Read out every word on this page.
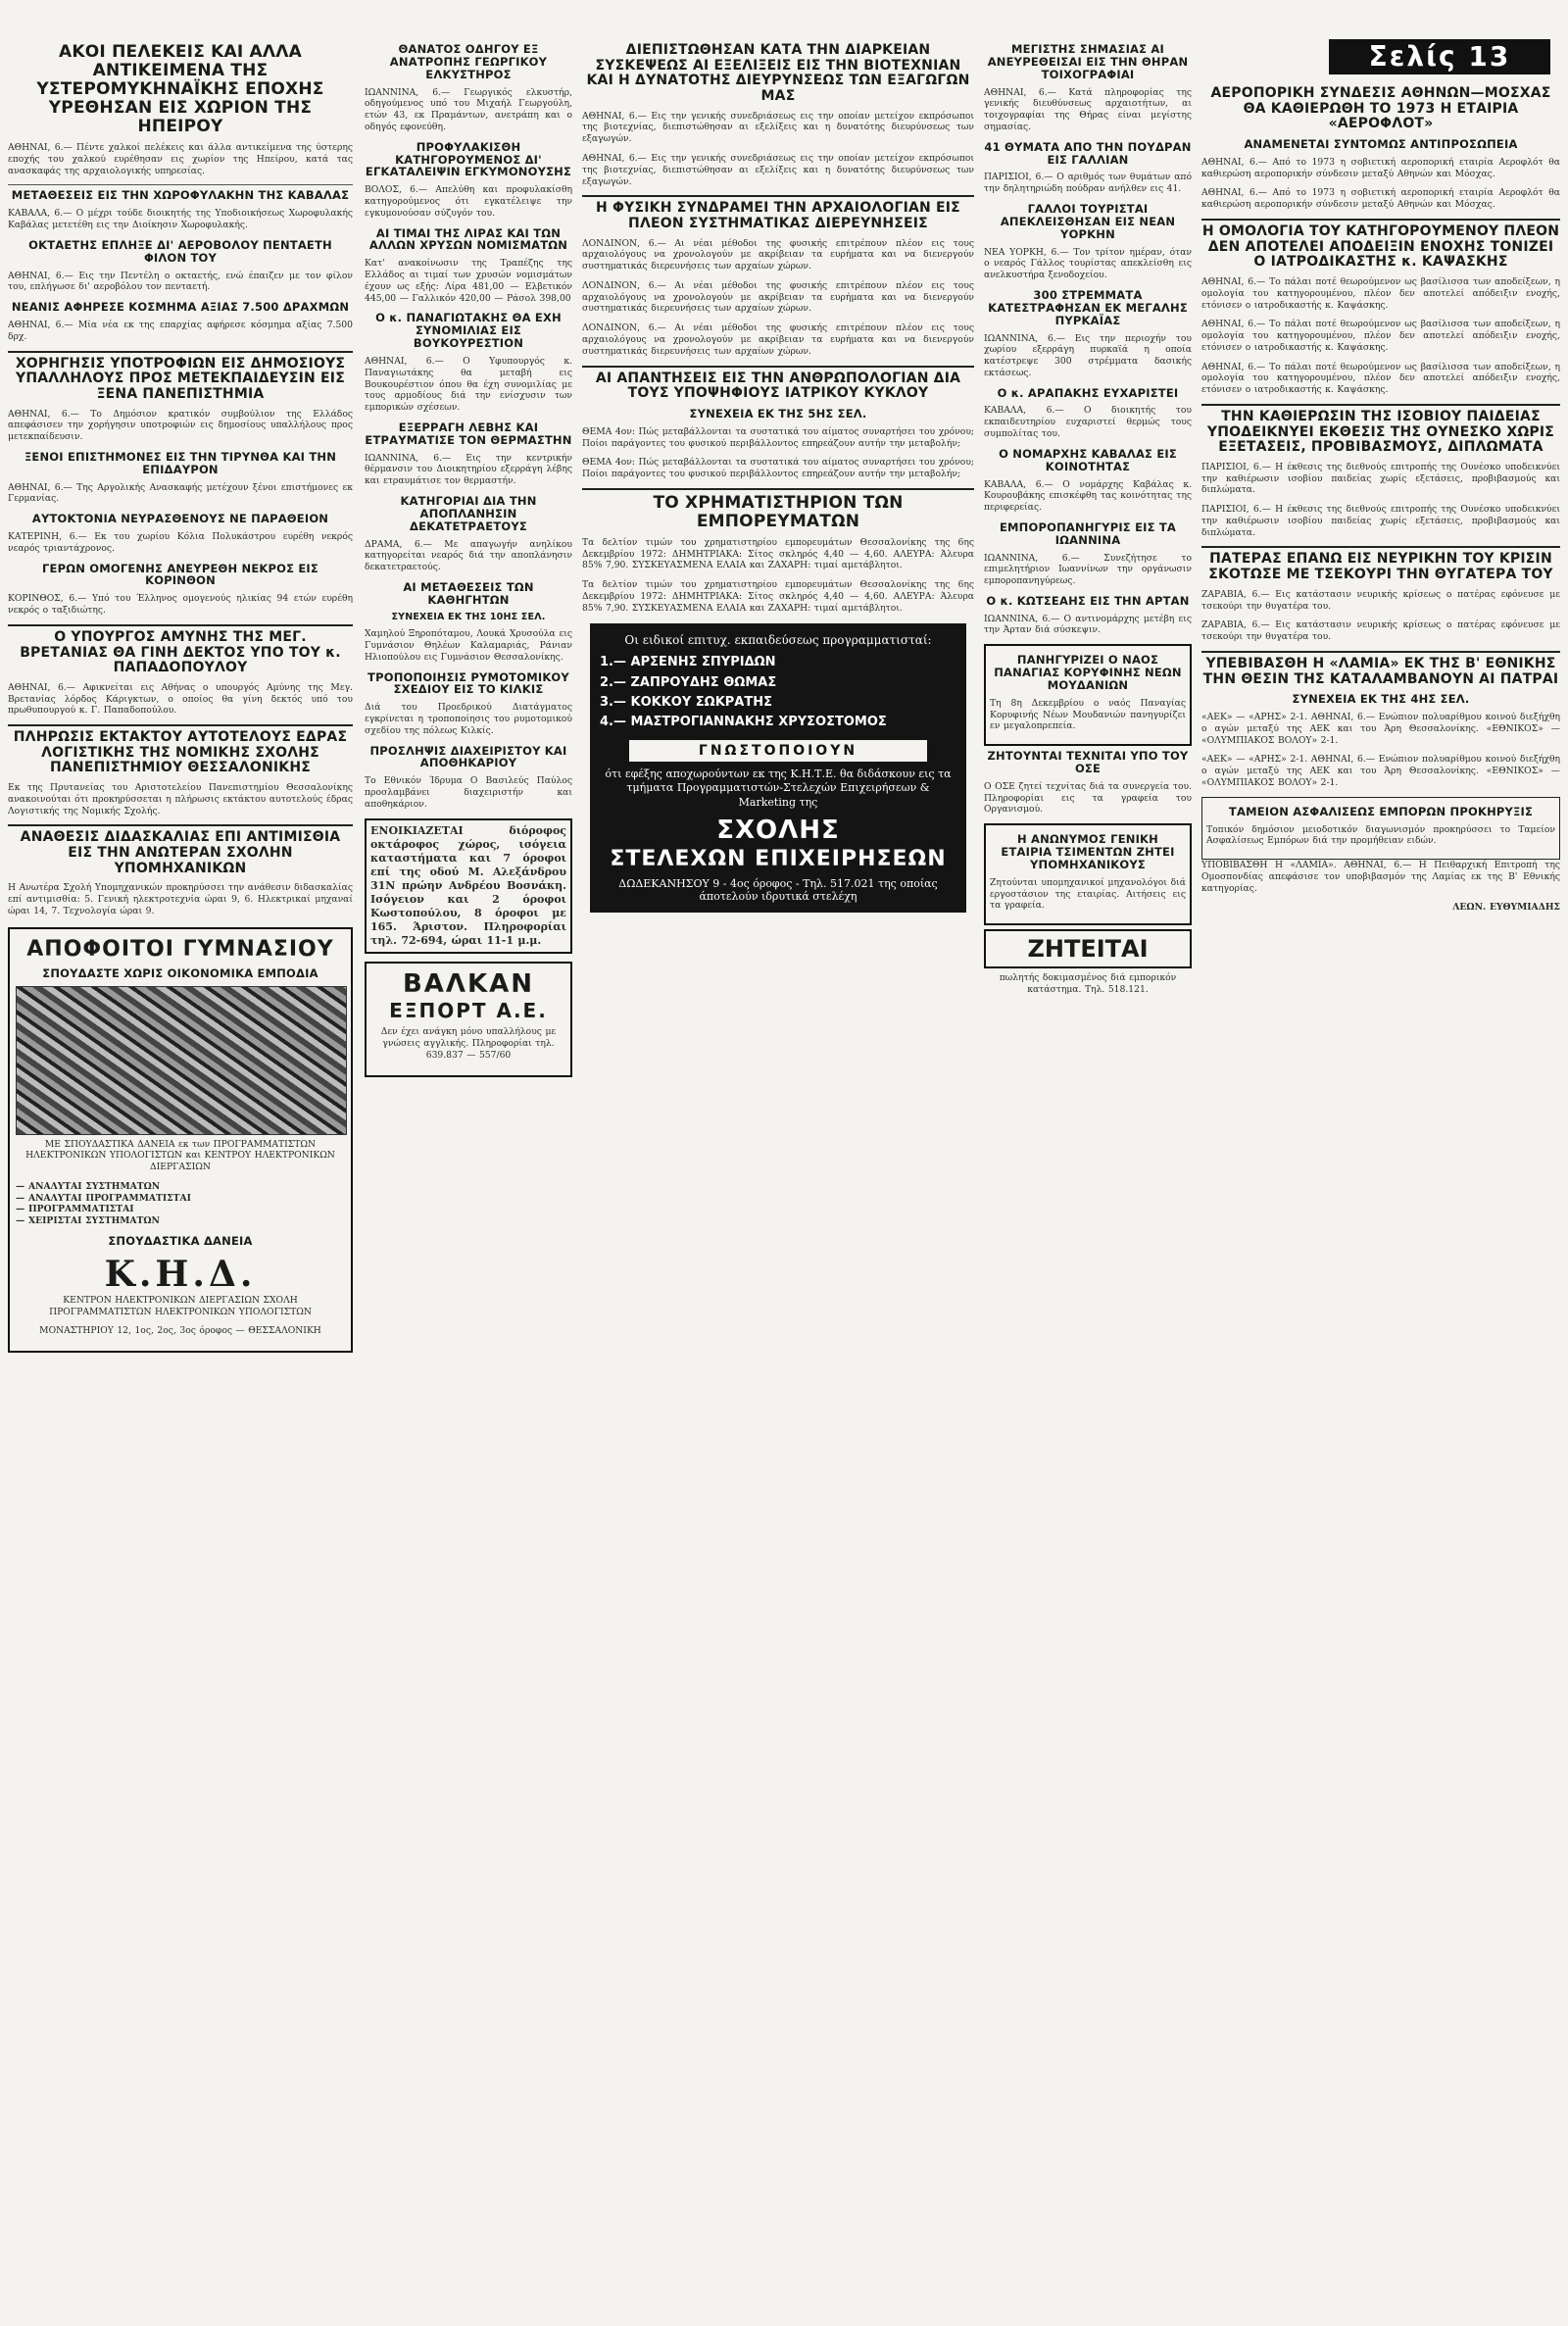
ΑΚΟΙ ΠΕΛΕΚΕΙΣ ΚΑΙ ΑΛΛΑ ΑΝΤΙΚΕΙΜΕΝΑ ΤΗΣ ΥΣΤΕΡΟΜΥΚΗΝΑΪΚΗΣ ΕΠΟΧΗΣ ΥΡΕΘΗΣΑΝ ΕΙΣ ΧΩΡΙΟΝ ΤΗΣ ΗΠΕΙΡΟΥ

ΑΘΗΝΑΙ, 6.— Πέντε χαλκοί πελέκεις και άλλα αντικείμενα της ύστερης εποχής του χαλκού ευρέθησαν εις χωρίον της Ηπείρου, κατά τας ανασκαφάς της αρχαιολογικής υπηρεσίας.

ΜΕΤΑΘΕΣΕΙΣ ΕΙΣ ΤΗΝ ΧΩΡΟΦΥΛΑΚΗΝ ΤΗΣ ΚΑΒΑΛΑΣ

ΚΑΒΑΛΑ, 6.— Ο μέχρι τούδε διοικητής της Υποδιοικήσεως Χωροφυλακής Καβάλας μετετέθη εις την Διοίκησιν Χωροφυλακής.

ΟΚΤΑΕΤΗΣ ΕΠΛΗΞΕ ΔΙ' ΑΕΡΟΒΟΛΟΥ ΠΕΝΤΑΕΤΗ ΦΙΛΟΝ ΤΟΥ

ΑΘΗΝΑΙ, 6.— Εις την Πεντέλη ο οκταετής, ενώ έπαιζεν με τον φίλον του, επλήγωσε δι' αεροβόλου τον πενταετή.

ΝΕΑΝΙΣ ΑΦΗΡΕΣΕ ΚΟΣΜΗΜΑ ΑΞΙΑΣ 7.500 ΔΡΑΧΜΩΝ

ΑΘΗΝΑΙ, 6.— Μία νέα εκ της επαρχίας αφήρεσε κόσμημα αξίας 7.500 δρχ.

ΧΟΡΗΓΗΣΙΣ ΥΠΟΤΡΟΦΙΩΝ ΕΙΣ ΔΗΜΟΣΙΟΥΣ ΥΠΑΛΛΗΛΟΥΣ ΠΡΟΣ ΜΕΤΕΚΠΑΙΔΕΥΣΙΝ ΕΙΣ ΞΕΝΑ ΠΑΝΕΠΙΣΤΗΜΙΑ

ΑΘΗΝΑΙ, 6.— Το Δημόσιον κρατικόν συμβούλιον της Ελλάδος απεφάσισεν την χορήγησιν υποτροφιών εις δημοσίους υπαλλήλους προς μετεκπαίδευσιν.

ΞΕΝΟΙ ΕΠΙΣΤΗΜΟΝΕΣ ΕΙΣ ΤΗΝ ΤΙΡΥΝΘΑ ΚΑΙ ΤΗΝ ΕΠΙΔΑΥΡΟΝ

ΑΘΗΝΑΙ, 6.— Της Αργολικής Ανασκαφής μετέχουν ξένοι επιστήμονες εκ Γερμανίας.

ΑΥΤΟΚΤΟΝΙΑ ΝΕΥΡΑΣΘΕΝΟΥΣ ΝΕ ΠΑΡΑΘΕΙΟΝ

ΚΑΤΕΡΙΝΗ, 6.— Εκ του χωρίου Κόλια Πολυκάστρου ευρέθη νεκρός νεαρός τριαντάχρονος.

ΓΕΡΩΝ ΟΜΟΓΕΝΗΣ ΑΝΕΥΡΕΘΗ ΝΕΚΡΟΣ ΕΙΣ ΚΟΡΙΝΘΟΝ

ΚΟΡΙΝΘΟΣ, 6.— Υπό του Έλληνος ομογενούς ηλικίας 94 ετών ευρέθη νεκρός ο ταξιδιώτης.

Ο ΥΠΟΥΡΓΟΣ ΑΜΥΝΗΣ ΤΗΣ ΜΕΓ. ΒΡΕΤΑΝΙΑΣ ΘΑ ΓΙΝΗ ΔΕΚΤΟΣ ΥΠΟ ΤΟΥ κ. ΠΑΠΑΔΟΠΟΥΛΟΥ

ΑΘΗΝΑΙ, 6.— Αφικνείται εις Αθήνας ο υπουργός Αμύνης της Μεγ. Βρετανίας λόρδος Κάριγκτων, ο οποίος θα γίνη δεκτός υπό του πρωθυπουργού κ. Γ. Παπαδοπούλου.

ΠΛΗΡΩΣΙΣ ΕΚΤΑΚΤΟΥ ΑΥΤΟΤΕΛΟΥΣ ΕΔΡΑΣ ΛΟΓΙΣΤΙΚΗΣ ΤΗΣ ΝΟΜΙΚΗΣ ΣΧΟΛΗΣ ΠΑΝΕΠΙΣΤΗΜΙΟΥ ΘΕΣΣΑΛΟΝΙΚΗΣ

Εκ της Πρυτανείας του Αριστοτελείου Πανεπιστημίου Θεσσαλονίκης ανακοινούται ότι προκηρύσσεται η πλήρωσις εκτάκτου αυτοτελούς έδρας Λογιστικής της Νομικής Σχολής.

ΑΝΑΘΕΣΙΣ ΔΙΔΑΣΚΑΛΙΑΣ ΕΠΙ ΑΝΤΙΜΙΣΘΙΑ ΕΙΣ ΤΗΝ ΑΝΩΤΕΡΑΝ ΣΧΟΛΗΝ ΥΠΟΜΗΧΑΝΙΚΩΝ

Η Ανωτέρα Σχολή Υπομηχανικών προκηρύσσει την ανάθεσιν διδασκαλίας επί αντιμισθία: 5. Γενική ηλεκτροτεχνία ώραι 9, 6. Ηλεκτρικαί μηχαναί ώραι 14, 7. Τεχνολογία ώραι 9.

ΑΠΟΦΟΙΤΟΙ ΓΥΜΝΑΣΙΟΥ
ΣΠΟΥΔΑΣΤΕ ΧΩΡΙΣ ΟΙΚΟΝΟΜΙΚΑ ΕΜΠΟΔΙΑ

ΜΕ ΣΠΟΥΔΑΣΤΙΚΑ ΔΑΝΕΙΑ εκ των ΠΡΟΓΡΑΜΜΑΤΙΣΤΩΝ ΗΛΕΚΤΡΟΝΙΚΩΝ ΥΠΟΛΟΓΙΣΤΩΝ και ΚΕΝΤΡΟΥ ΗΛΕΚΤΡΟΝΙΚΩΝ ΔΙΕΡΓΑΣΙΩΝ

— ΑΝΑΛΥΤΑΙ ΣΥΣΤΗΜΑΤΩΝ
— ΑΝΑΛΥΤΑΙ ΠΡΟΓΡΑΜΜΑΤΙΣΤΑΙ
— ΠΡΟΓΡΑΜΜΑΤΙΣΤΑΙ
— ΧΕΙΡΙΣΤΑΙ ΣΥΣΤΗΜΑΤΩΝ

ΣΠΟΥΔΑΣΤΙΚΑ ΔΑΝΕΙΑ
Κ.Η.Δ.

ΚΕΝΤΡΟΝ ΗΛΕΚΤΡΟΝΙΚΩΝ ΔΙΕΡΓΑΣΙΩΝ ΣΧΟΛΗ ΠΡΟΓΡΑΜΜΑΤΙΣΤΩΝ ΗΛΕΚΤΡΟΝΙΚΩΝ ΥΠΟΛΟΓΙΣΤΩΝ

ΜΟΝΑΣΤΗΡΙΟΥ 12, 1ος, 2ος, 3ος όροφος — ΘΕΣΣΑΛΟΝΙΚΗ

ΘΑΝΑΤΟΣ ΟΔΗΓΟΥ ΕΞ ΑΝΑΤΡΟΠΗΣ ΓΕΩΡΓΙΚΟΥ ΕΛΚΥΣΤΗΡΟΣ

ΙΩΑΝΝΙΝΑ, 6.— Γεωργικός ελκυστήρ, οδηγούμενος υπό του Μιχαήλ Γεωργούλη, ετών 43, εκ Πραμάντων, ανετράπη και ο οδηγός εφονεύθη.

ΠΡΟΦΥΛΑΚΙΣΘΗ ΚΑΤΗΓΟΡΟΥΜΕΝΟΣ ΔΙ' ΕΓΚΑΤΑΛΕΙΨΙΝ ΕΓΚΥΜΟΝΟΥΣΗΣ

ΒΟΛΟΣ, 6.— Απελύθη και προφυλακίσθη κατηγορούμενος ότι εγκατέλειψε την εγκυμονούσαν σύζυγόν του.

ΑΙ ΤΙΜΑΙ ΤΗΣ ΛΙΡΑΣ ΚΑΙ ΤΩΝ ΑΛΛΩΝ ΧΡΥΣΩΝ ΝΟΜΙΣΜΑΤΩΝ

Κατ' ανακοίνωσιν της Τραπέζης της Ελλάδος αι τιμαί των χρυσών νομισμάτων έχουν ως εξής: Λίρα 481,00 — Ελβετικόν 445,00 — Γαλλικόν 420,00 — Ράσολ 398,00

Ο κ. ΠΑΝΑΓΙΩΤΑΚΗΣ ΘΑ ΕΧΗ ΣΥΝΟΜΙΛΙΑΣ ΕΙΣ ΒΟΥΚΟΥΡΕΣΤΙΟΝ

ΑΘΗΝΑΙ, 6.— Ο Υφυπουργός κ. Παναγιωτάκης θα μεταβή εις Βουκουρέστιον όπου θα έχη συνομιλίας με τους αρμοδίους διά την ενίσχυσιν των εμπορικών σχέσεων.

ΕΞΕΡΡΑΓΗ ΛΕΒΗΣ ΚΑΙ ΕΤΡΑΥΜΑΤΙΣΕ ΤΟΝ ΘΕΡΜΑΣΤΗΝ

ΙΩΑΝΝΙΝΑ, 6.— Εις την κεντρικήν θέρμανσιν του Διοικητηρίου εξερράγη λέβης και ετραυμάτισε τον θερμαστήν.

ΚΑΤΗΓΟΡΙΑΙ ΔΙΑ ΤΗΝ ΑΠΟΠΛΑΝΗΣΙΝ ΔΕΚΑΤΕΤΡΑΕΤΟΥΣ

ΔΡΑΜΑ, 6.— Με απαγωγήν ανηλίκου κατηγορείται νεαρός διά την αποπλάνησιν δεκατετραετούς.

ΑΙ ΜΕΤΑΘΕΣΕΙΣ ΤΩΝ ΚΑΘΗΓΗΤΩΝ
ΣΥΝΕΧΕΙΑ ΕΚ ΤΗΣ 10ΗΣ ΣΕΛ.

Χαμηλού Ξηροπόταμου, Λουκά Χρυσούλα εις Γυμνάσιον Θηλέων Καλαμαριάς, Ράνιαν Ηλιοπούλου εις Γυμνάσιον Θεσσαλονίκης.

ΤΡΟΠΟΠΟΙΗΣΙΣ ΡΥΜΟΤΟΜΙΚΟΥ ΣΧΕΔΙΟΥ ΕΙΣ ΤΟ ΚΙΛΚΙΣ

Διά του Προεδρικού Διατάγματος εγκρίνεται η τροποποίησις του ρυμοτομικού σχεδίου της πόλεως Κιλκίς.

ΠΡΟΣΛΗΨΙΣ ΔΙΑΧΕΙΡΙΣΤΟΥ ΚΑΙ ΑΠΟΘΗΚΑΡΙΟΥ

Το Εθνικόν Ίδρυμα Ο Βασιλεύς Παύλος προσλαμβάνει διαχειριστήν και αποθηκάριον.

ΕΝΟΙΚΙΑΖΕΤΑΙ διόροφος οκτάροφος χώρος, ισόγεια καταστήματα και 7 όροφοι επί της οδού Μ. Αλεξάνδρου 31Ν πρώην Ανδρέου Βοσνάκη. Ισόγειον και 2 όροφοι Κωστοπούλου, 8 όροφοι με 165. Άριστον. Πληροφορίαι τηλ. 72-694, ώραι 11-1 μ.μ.

ΒΑΛΚΑΝ
ΕΞΠΟΡΤ Α.Ε.

Δεν έχει ανάγκη μόνο υπαλλήλους με γνώσεις αγγλικής. Πληροφορίαι τηλ. 639.837 — 557/60

ΔΙΕΠΙΣΤΩΘΗΣΑΝ ΚΑΤΑ ΤΗΝ ΔΙΑΡΚΕΙΑΝ ΣΥΣΚΕΨΕΩΣ ΑΙ ΕΞΕΛΙΞΕΙΣ ΕΙΣ ΤΗΝ ΒΙΟΤΕΧΝΙΑΝ ΚΑΙ Η ΔΥΝΑΤΟΤΗΣ ΔΙΕΥΡΥΝΣΕΩΣ ΤΩΝ ΕΞΑΓΩΓΩΝ ΜΑΣ

ΑΘΗΝΑΙ, 6.— Εις την γενικής συνεδριάσεως εις την οποίαν μετείχον εκπρόσωποι της βιοτεχνίας, διεπιστώθησαν αι εξελίξεις και η δυνατότης διευρύνσεως των εξαγωγών.

ΑΘΗΝΑΙ, 6.— Εις την γενικής συνεδριάσεως εις την οποίαν μετείχον εκπρόσωποι της βιοτεχνίας, διεπιστώθησαν αι εξελίξεις και η δυνατότης διευρύνσεως των εξαγωγών.

Η ΦΥΣΙΚΗ ΣΥΝΔΡΑΜΕΙ ΤΗΝ ΑΡΧΑΙΟΛΟΓΙΑΝ ΕΙΣ ΠΛΕΟΝ ΣΥΣΤΗΜΑΤΙΚΑΣ ΔΙΕΡΕΥΝΗΣΕΙΣ

ΛΟΝΔΙΝΟΝ, 6.— Αι νέαι μέθοδοι της φυσικής επιτρέπουν πλέον εις τους αρχαιολόγους να χρονολογούν με ακρίβειαν τα ευρήματα και να διενεργούν συστηματικάς διερευνήσεις των αρχαίων χώρων.

ΛΟΝΔΙΝΟΝ, 6.— Αι νέαι μέθοδοι της φυσικής επιτρέπουν πλέον εις τους αρχαιολόγους να χρονολογούν με ακρίβειαν τα ευρήματα και να διενεργούν συστηματικάς διερευνήσεις των αρχαίων χώρων.

ΛΟΝΔΙΝΟΝ, 6.— Αι νέαι μέθοδοι της φυσικής επιτρέπουν πλέον εις τους αρχαιολόγους να χρονολογούν με ακρίβειαν τα ευρήματα και να διενεργούν συστηματικάς διερευνήσεις των αρχαίων χώρων.

ΑΙ ΑΠΑΝΤΗΣΕΙΣ ΕΙΣ ΤΗΝ ΑΝΘΡΩΠΟΛΟΓΙΑΝ ΔΙΑ ΤΟΥΣ ΥΠΟΨΗΦΙΟΥΣ ΙΑΤΡΙΚΟΥ ΚΥΚΛΟΥ
ΣΥΝΕΧΕΙΑ ΕΚ ΤΗΣ 5ΗΣ ΣΕΛ.

ΘΕΜΑ 4ον: Πώς μεταβάλλονται τα συστατικά του αίματος συναρτήσει του χρόνου; Ποίοι παράγοντες του φυσικού περιβάλλοντος επηρεάζουν αυτήν την μεταβολήν;

ΘΕΜΑ 4ον: Πώς μεταβάλλονται τα συστατικά του αίματος συναρτήσει του χρόνου; Ποίοι παράγοντες του φυσικού περιβάλλοντος επηρεάζουν αυτήν την μεταβολήν;

ΤΟ ΧΡΗΜΑΤΙΣΤΗΡΙΟΝ ΤΩΝ ΕΜΠΟΡΕΥΜΑΤΩΝ

Τα δελτίον τιμών του χρηματιστηρίου εμπορευμάτων Θεσσαλονίκης της 6ης Δεκεμβρίου 1972: ΔΗΜΗΤΡΙΑΚΑ: Σίτος σκληρός 4,40 — 4,60. ΑΛΕΥΡΑ: Άλευρα 85% 7,90. ΣΥΣΚΕΥΑΣΜΕΝΑ ΕΛΑΙΑ και ΖΑΧΑΡΗ: τιμαί αμετάβλητοι.

Τα δελτίον τιμών του χρηματιστηρίου εμπορευμάτων Θεσσαλονίκης της 6ης Δεκεμβρίου 1972: ΔΗΜΗΤΡΙΑΚΑ: Σίτος σκληρός 4,40 — 4,60. ΑΛΕΥΡΑ: Άλευρα 85% 7,90. ΣΥΣΚΕΥΑΣΜΕΝΑ ΕΛΑΙΑ και ΖΑΧΑΡΗ: τιμαί αμετάβλητοι.

Οι ειδικοί επιτυχ. εκπαιδεύσεως προγραμματισταί:
1.— ΑΡΣΕΝΗΣ ΣΠΥΡΙΔΩΝ
2.— ΖΑΠΡΟΥΔΗΣ ΘΩΜΑΣ
3.— ΚΟΚΚΟΥ ΣΩΚΡΑΤΗΣ
4.— ΜΑΣΤΡΟΓΙΑΝΝΑΚΗΣ ΧΡΥΣΟΣΤΟΜΟΣ
ΓΝΩΣΤΟΠΟΙΟΥΝ
ότι εφέξης αποχωρούντων εκ της Κ.Η.Τ.Ε. θα διδάσκουν εις τα τμήματα Προγραμματιστών-Στελεχών Επιχειρήσεων & Marketing της
ΣΧΟΛΗΣ
ΣΤΕΛΕΧΩΝ ΕΠΙΧΕΙΡΗΣΕΩΝ
ΔΩΔΕΚΑΝΗΣΟΥ 9 - 4ος όροφος - Τηλ. 517.021 της οποίας άποτελούν ιδρυτικά στελέχη
ΜΕΓΙΣΤΗΣ ΣΗΜΑΣΙΑΣ ΑΙ ΑΝΕΥΡΕΘΕΙΣΑΙ ΕΙΣ ΤΗΝ ΘΗΡΑΝ ΤΟΙΧΟΓΡΑΦΙΑΙ

ΑΘΗΝΑΙ, 6.— Κατά πληροφορίας της γενικής διευθύνσεως αρχαιοτήτων, αι τοιχογραφίαι της Θήρας είναι μεγίστης σημασίας.

41 ΘΥΜΑΤΑ ΑΠΟ ΤΗΝ ΠΟΥΔΡΑΝ ΕΙΣ ΓΑΛΛΙΑΝ

ΠΑΡΙΣΙΟΙ, 6.— Ο αριθμός των θυμάτων από την δηλητηριώδη πούδραν ανήλθεν εις 41.

ΓΑΛΛΟΙ ΤΟΥΡΙΣΤΑΙ ΑΠΕΚΛΕΙΣΘΗΣΑΝ ΕΙΣ ΝΕΑΝ ΥΟΡΚΗΝ

ΝΕΑ ΥΟΡΚΗ, 6.— Τον τρίτον ημέραν, όταν ο νεαρός Γάλλος τουρίστας απεκλείσθη εις ανελκυστήρα ξενοδοχείου.

300 ΣΤΡΕΜΜΑΤΑ ΚΑΤΕΣΤΡΑΦΗΣΑΝ ΕΚ ΜΕΓΑΛΗΣ ΠΥΡΚΑΪΑΣ

ΙΩΑΝΝΙΝΑ, 6.— Εις την περιοχήν του χωρίου εξερράγη πυρκαϊά η οποία κατέστρεψε 300 στρέμματα δασικής εκτάσεως.

Ο κ. ΑΡΑΠΑΚΗΣ ΕΥΧΑΡΙΣΤΕΙ

ΚΑΒΑΛΑ, 6.— Ο διοικητής του εκπαιδευτηρίου ευχαριστεί θερμώς τους συμπολίτας του.

Ο ΝΟΜΑΡΧΗΣ ΚΑΒΑΛΑΣ ΕΙΣ ΚΟΙΝΟΤΗΤΑΣ

ΚΑΒΑΛΑ, 6.— Ο νομάρχης Καβάλας κ. Κουρουβάκης επισκέφθη τας κοινότητας της περιφερείας.

ΕΜΠΟΡΟΠΑΝΗΓΥΡΙΣ ΕΙΣ ΤΑ ΙΩΑΝΝΙΝΑ

ΙΩΑΝΝΙΝΑ, 6.— Συνεζήτησε το επιμελητήριον Ιωαννίνων την οργάνωσιν εμποροπανηγύρεως.

Ο κ. ΚΩΤΣΕΑΗΣ ΕΙΣ ΤΗΝ ΑΡΤΑΝ

ΙΩΑΝΝΙΝΑ, 6.— Ο αντινομάρχης μετέβη εις την Άρταν διά σύσκεψιν.

ΠΑΝΗΓΥΡΙΖΕΙ Ο ΝΑΟΣ ΠΑΝΑΓΙΑΣ ΚΟΡΥΦΙΝΗΣ ΝΕΩΝ ΜΟΥΔΑΝΙΩΝ

Τη 8η Δεκεμβρίου ο ναός Παναγίας Κορυφινής Νέων Μουδανιών πανηγυρίζει εν μεγαλοπρεπεία.

ΖΗΤΟΥΝΤΑΙ ΤΕΧΝΙΤΑΙ ΥΠΟ ΤΟΥ ΟΣΕ

Ο ΟΣΕ ζητεί τεχνίτας διά τα συνεργεία του. Πληροφορίαι εις τα γραφεία του Οργανισμού.

Η ΑΝΩΝΥΜΟΣ ΓΕΝΙΚΗ ΕΤΑΙΡΙΑ ΤΣΙΜΕΝΤΩΝ ΖΗΤΕΙ ΥΠΟΜΗΧΑΝΙΚΟΥΣ

Ζητούνται υπομηχανικοί μηχανολόγοι διά εργοστάσιον της εταιρίας. Αιτήσεις εις τα γραφεία.

ΖΗΤΕΙΤΑΙ

πωλητής δοκιμασμένος διά εμπορικόν κατάστημα. Τηλ. 518.121.

Σελίς 13
ΑΕΡΟΠΟΡΙΚΗ ΣΥΝΔΕΣΙΣ ΑΘΗΝΩΝ—ΜΟΣΧΑΣ ΘΑ ΚΑΘΙΕΡΩΘΗ ΤΟ 1973 Η ΕΤΑΙΡΙΑ «ΑΕΡΟΦΛΟΤ»
ΑΝΑΜΕΝΕΤΑΙ ΣΥΝΤΟΜΩΣ ΑΝΤΙΠΡΟΣΩΠΕΙΑ

ΑΘΗΝΑΙ, 6.— Από το 1973 η σοβιετική αεροπορική εταιρία Αεροφλότ θα καθιερώση αεροπορικήν σύνδεσιν μεταξύ Αθηνών και Μόσχας.

ΑΘΗΝΑΙ, 6.— Από το 1973 η σοβιετική αεροπορική εταιρία Αεροφλότ θα καθιερώση αεροπορικήν σύνδεσιν μεταξύ Αθηνών και Μόσχας.

Η ΟΜΟΛΟΓΙΑ ΤΟΥ ΚΑΤΗΓΟΡΟΥΜΕΝΟΥ ΠΛΕΟΝ ΔΕΝ ΑΠΟΤΕΛΕΙ ΑΠΟΔΕΙΞΙΝ ΕΝΟΧΗΣ ΤΟΝΙΖΕΙ Ο ΙΑΤΡΟΔΙΚΑΣΤΗΣ κ. ΚΑΨΑΣΚΗΣ

ΑΘΗΝΑΙ, 6.— Το πάλαι ποτέ θεωρούμενον ως βασίλισσα των αποδείξεων, η ομολογία του κατηγορουμένου, πλέον δεν αποτελεί απόδειξιν ενοχής, ετόνισεν ο ιατροδικαστής κ. Καψάσκης.

ΑΘΗΝΑΙ, 6.— Το πάλαι ποτέ θεωρούμενον ως βασίλισσα των αποδείξεων, η ομολογία του κατηγορουμένου, πλέον δεν αποτελεί απόδειξιν ενοχής, ετόνισεν ο ιατροδικαστής κ. Καψάσκης.

ΑΘΗΝΑΙ, 6.— Το πάλαι ποτέ θεωρούμενον ως βασίλισσα των αποδείξεων, η ομολογία του κατηγορουμένου, πλέον δεν αποτελεί απόδειξιν ενοχής, ετόνισεν ο ιατροδικαστής κ. Καψάσκης.

ΤΗΝ ΚΑΘΙΕΡΩΣΙΝ ΤΗΣ ΙΣΟΒΙΟΥ ΠΑΙΔΕΙΑΣ ΥΠΟΔΕΙΚΝΥΕΙ ΕΚΘΕΣΙΣ ΤΗΣ ΟΥΝΕΣΚΟ ΧΩΡΙΣ ΕΞΕΤΑΣΕΙΣ, ΠΡΟΒΙΒΑΣΜΟΥΣ, ΔΙΠΛΩΜΑΤΑ

ΠΑΡΙΣΙΟΙ, 6.— Η έκθεσις της διεθνούς επιτροπής της Ουνέσκο υποδεικνύει την καθιέρωσιν ισοβίου παιδείας χωρίς εξετάσεις, προβιβασμούς και διπλώματα.

ΠΑΡΙΣΙΟΙ, 6.— Η έκθεσις της διεθνούς επιτροπής της Ουνέσκο υποδεικνύει την καθιέρωσιν ισοβίου παιδείας χωρίς εξετάσεις, προβιβασμούς και διπλώματα.

ΠΑΤΕΡΑΣ ΕΠΑΝΩ ΕΙΣ ΝΕΥΡΙΚΗΝ ΤΟΥ ΚΡΙΣΙΝ ΣΚΟΤΩΣΕ ΜΕ ΤΣΕΚΟΥΡΙ ΤΗΝ ΘΥΓΑΤΕΡΑ ΤΟΥ

ΖΑΡΑΒΙΑ, 6.— Εις κατάστασιν νευρικής κρίσεως ο πατέρας εφόνευσε με τσεκούρι την θυγατέρα του.

ΖΑΡΑΒΙΑ, 6.— Εις κατάστασιν νευρικής κρίσεως ο πατέρας εφόνευσε με τσεκούρι την θυγατέρα του.

ΥΠΕΒΙΒΑΣΘΗ Η «ΛΑΜΙΑ» ΕΚ ΤΗΣ Β' ΕΘΝΙΚΗΣ ΤΗΝ ΘΕΣΙΝ ΤΗΣ ΚΑΤΑΛΑΜΒΑΝΟΥΝ ΑΙ ΠΑΤΡΑΙ
ΣΥΝΕΧΕΙΑ ΕΚ ΤΗΣ 4ΗΣ ΣΕΛ.

«ΑΕΚ» — «ΑΡΗΣ» 2-1. ΑΘΗΝΑΙ, 6.— Ενώπιον πολυαρίθμου κοινού διεξήχθη ο αγών μεταξύ της ΑΕΚ και του Άρη Θεσσαλονίκης. «ΕΘΝΙΚΟΣ» — «ΟΛΥΜΠΙΑΚΟΣ ΒΟΛΟΥ» 2-1.

«ΑΕΚ» — «ΑΡΗΣ» 2-1. ΑΘΗΝΑΙ, 6.— Ενώπιον πολυαρίθμου κοινού διεξήχθη ο αγών μεταξύ της ΑΕΚ και του Άρη Θεσσαλονίκης. «ΕΘΝΙΚΟΣ» — «ΟΛΥΜΠΙΑΚΟΣ ΒΟΛΟΥ» 2-1.

ΤΑΜΕΙΟΝ ΑΣΦΑΛΙΣΕΩΣ ΕΜΠΟΡΩΝ ΠΡΟΚΗΡΥΞΙΣ

Τοπικόν δημόσιον μειοδοτικόν διαγωνισμόν προκηρύσσει το Ταμείον Ασφαλίσεως Εμπόρων διά την προμήθειαν ειδών.

ΥΠΟΒΙΒΑΣΘΗ Η «ΛΑΜΙΑ». ΑΘΗΝΑΙ, 6.— Η Πειθαρχική Επιτροπή της Ομοσπονδίας απεφάσισε τον υποβιβασμόν της Λαμίας εκ της Β' Εθνικής κατηγορίας.

ΛΕΩΝ. ΕΥΘΥΜΙΑΔΗΣ
